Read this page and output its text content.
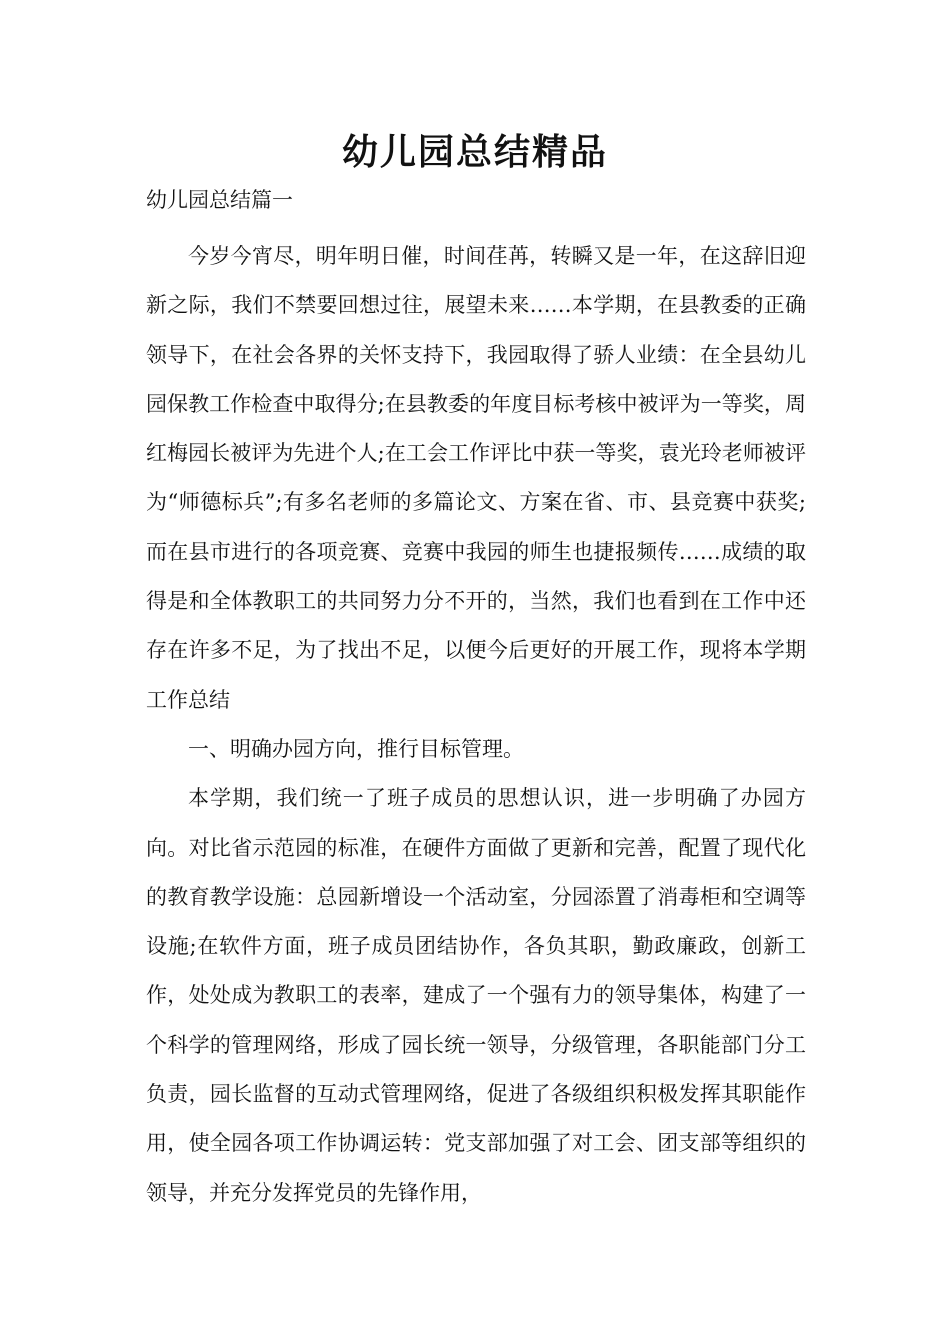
幼儿园总结精品
幼儿园总结篇一

今岁今宵尽，明年明日催，时间荏苒，转瞬又是一年，在这辞旧迎新之际，我们不禁要回想过往，展望未来……本学期，在县教委的正确领导下，在社会各界的关怀支持下，我园取得了骄人业绩：在全县幼儿园保教工作检查中取得分;在县教委的年度目标考核中被评为一等奖，周红梅园长被评为先进个人;在工会工作评比中获一等奖，袁光玲老师被评为“师德标兵”;有多名老师的多篇论文、方案在省、市、县竞赛中获奖;而在县市进行的各项竞赛、竞赛中我园的师生也捷报频传……成绩的取得是和全体教职工的共同努力分不开的，当然，我们也看到在工作中还存在许多不足，为了找出不足，以便今后更好的开展工作，现将本学期工作总结

一、明确办园方向，推行目标管理。

本学期，我们统一了班子成员的思想认识，进一步明确了办园方向。对比省示范园的标准，在硬件方面做了更新和完善，配置了现代化的教育教学设施：总园新增设一个活动室，分园添置了消毒柜和空调等设施;在软件方面，班子成员团结协作，各负其职，勤政廉政，创新工作，处处成为教职工的表率，建成了一个强有力的领导集体，构建了一个科学的管理网络，形成了园长统一领导，分级管理，各职能部门分工负责，园长监督的互动式管理网络，促进了各级组织积极发挥其职能作用，使全园各项工作协调运转：党支部加强了对工会、团支部等组织的领导，并充分发挥党员的先锋作用，
